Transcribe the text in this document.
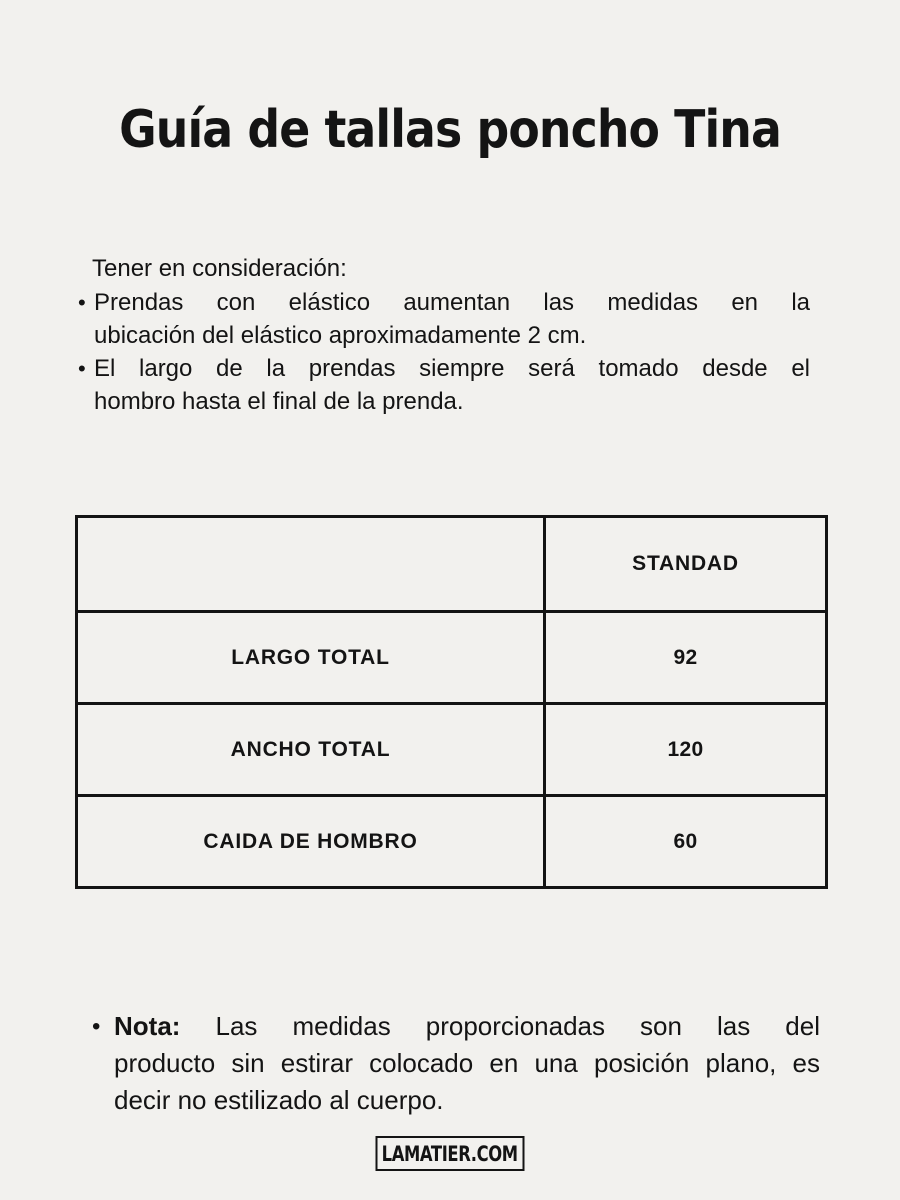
Guía de tallas poncho Tina
Tener en consideración:
• Prendas con elástico aumentan las medidas en la
ubicación del elástico aproximadamente 2 cm.
• El largo de la prendas siempre será tomado desde el
hombro hasta el final de la prenda.
	STANDAD
LARGO TOTAL	92
ANCHO TOTAL	120
CAIDA DE HOMBRO	60
• Nota: Las medidas proporcionadas son las del
producto sin estirar colocado en una posición plano, es
decir no estilizado al cuerpo.
LAMATIER.COM
